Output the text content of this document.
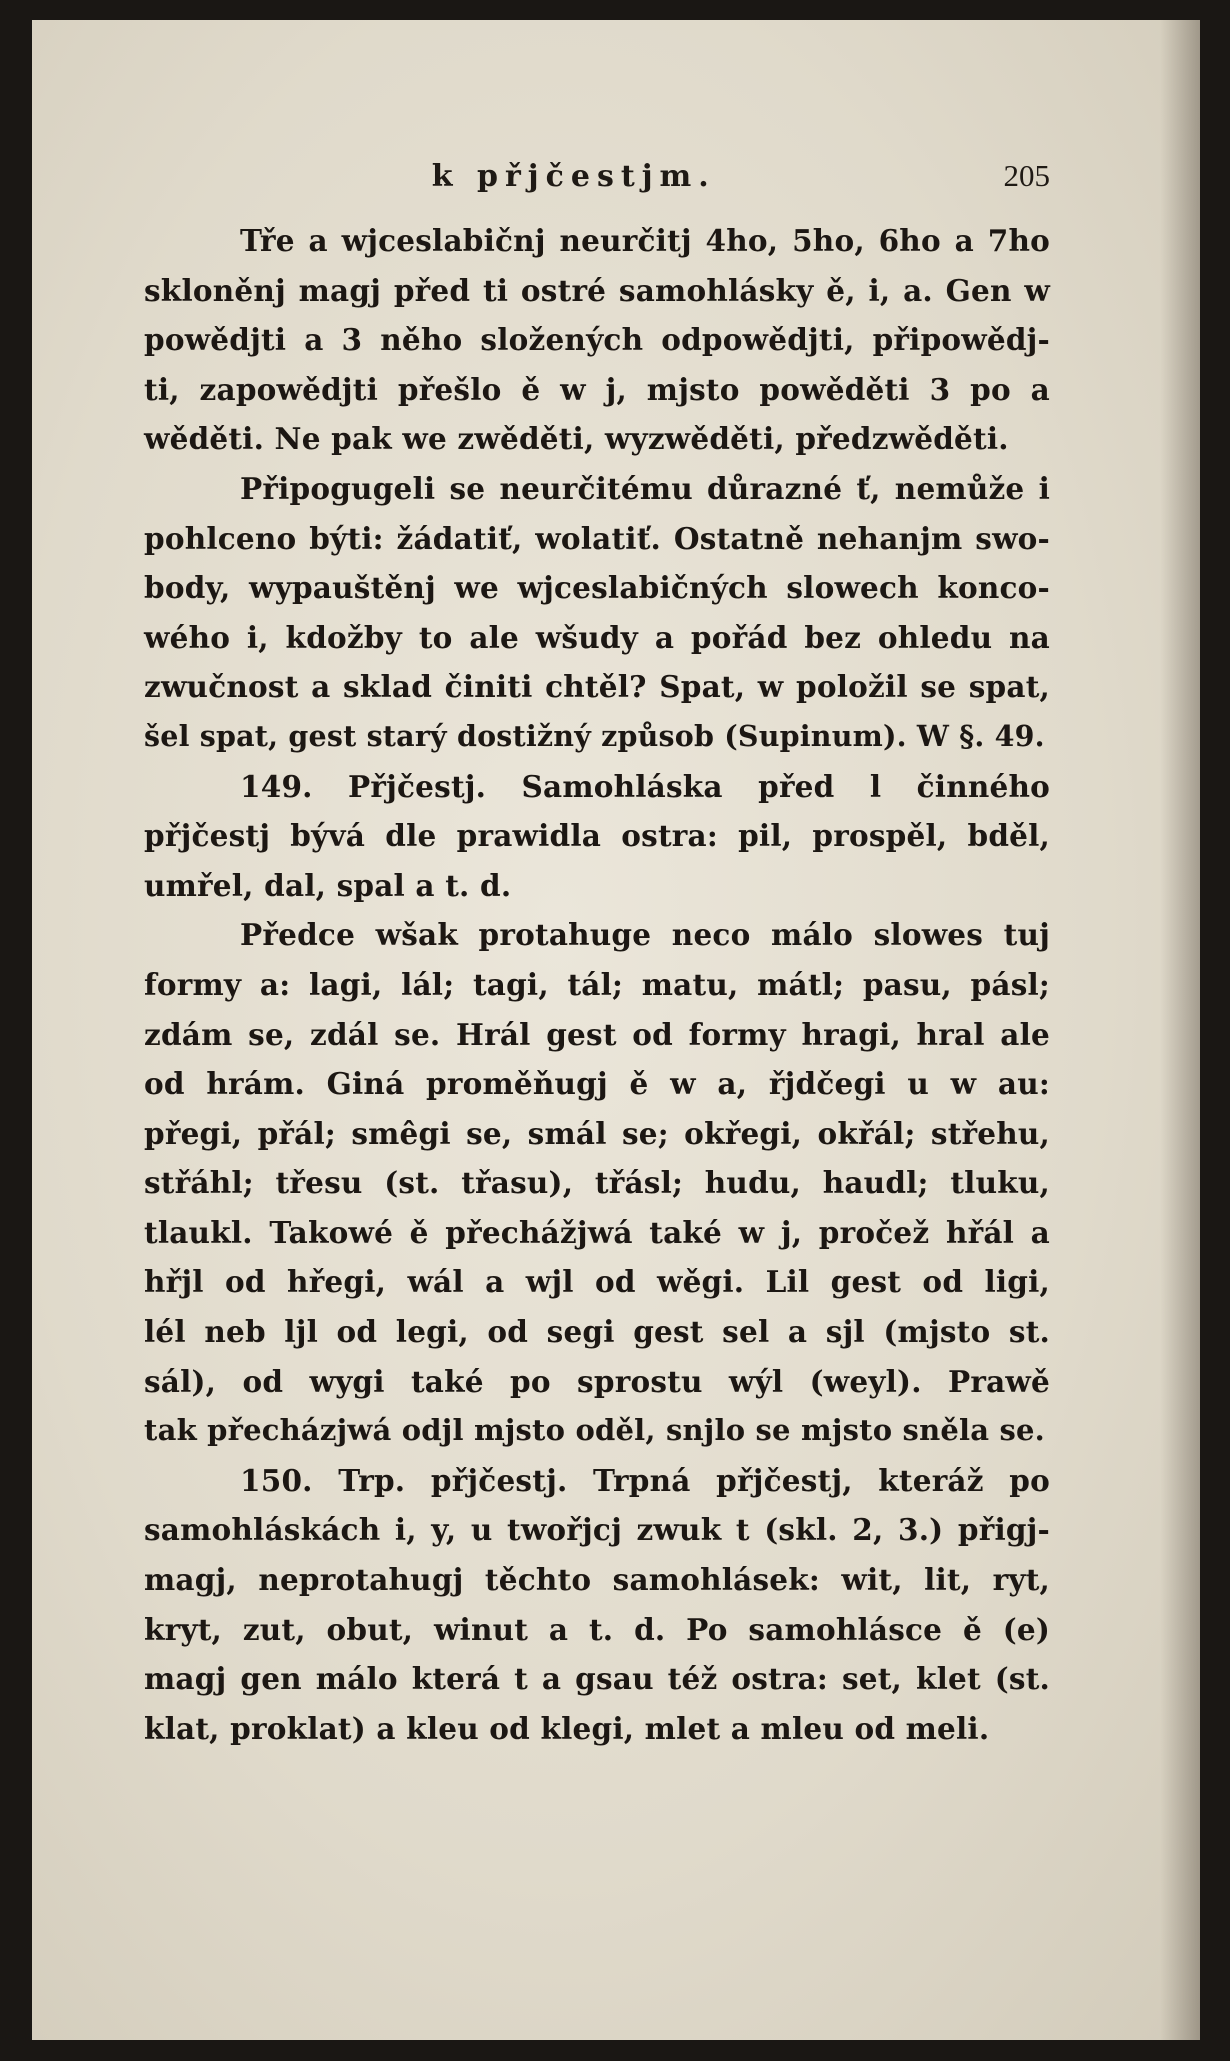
k přjčestjm.	205
Tře a wjceslabičnj neurčitj 4ho, 5ho, 6ho a 7ho
skloněnj magj před ti ostré samohlásky ě, i, a. Gen w
powědjti a 3 něho složených odpowědjti, připowědj-
ti, zapowědjti přešlo ě w j, mjsto powěděti 3 po a
wěděti. Ne pak we zwěděti, wyzwěděti, předzwěděti.
Připogugeli se neurčitému důrazné ť, nemůže i
pohlceno býti: žádatiť, wolatiť. Ostatně nehanjm swo-
body, wypauštěnj we wjceslabičných slowech konco-
wého i, kdožby to ale wšudy a pořád bez ohledu na
zwučnost a sklad činiti chtěl? Spat, w položil se spat,
šel spat, gest starý dostižný způsob (Supinum). W §. 49.
149. Přjčestj. Samohláska před l činného
přjčestj bývá dle prawidla ostra: pil, prospěl, bděl,
umřel, dal, spal a t. d.
Předce wšak protahuge neco málo slowes tuj
formy a: lagi, lál; tagi, tál; matu, mátl; pasu, pásl;
zdám se, zdál se. Hrál gest od formy hragi, hral ale
od hrám. Giná proměňugj ě w a, řjdčegi u w au:
přegi, přál; smêgi se, smál se; okřegi, okřál; střehu,
střáhl; třesu (st. třasu), třásl; hudu, haudl; tluku,
tlaukl. Takowé ě přechážjwá také w j, pročež hřál a
hřjl od hřegi, wál a wjl od wěgi. Lil gest od ligi,
lél neb ljl od legi, od segi gest sel a sjl (mjsto st.
sál), od wygi také po sprostu wýl (weyl). Prawě
tak přecházjwá odjl mjsto oděl, snjlo se mjsto sněla se.
150. Trp. přjčestj. Trpná přjčestj, kteráž po
samohláskách i, y, u twořjcj zwuk t (skl. 2, 3.) přigj-
magj, neprotahugj těchto samohlásek: wit, lit, ryt,
kryt, zut, obut, winut a t. d. Po samohlásce ě (e)
magj gen málo která t a gsau též ostra: set, klet (st.
klat, proklat) a kleu od klegi, mlet a mleu od meli.
